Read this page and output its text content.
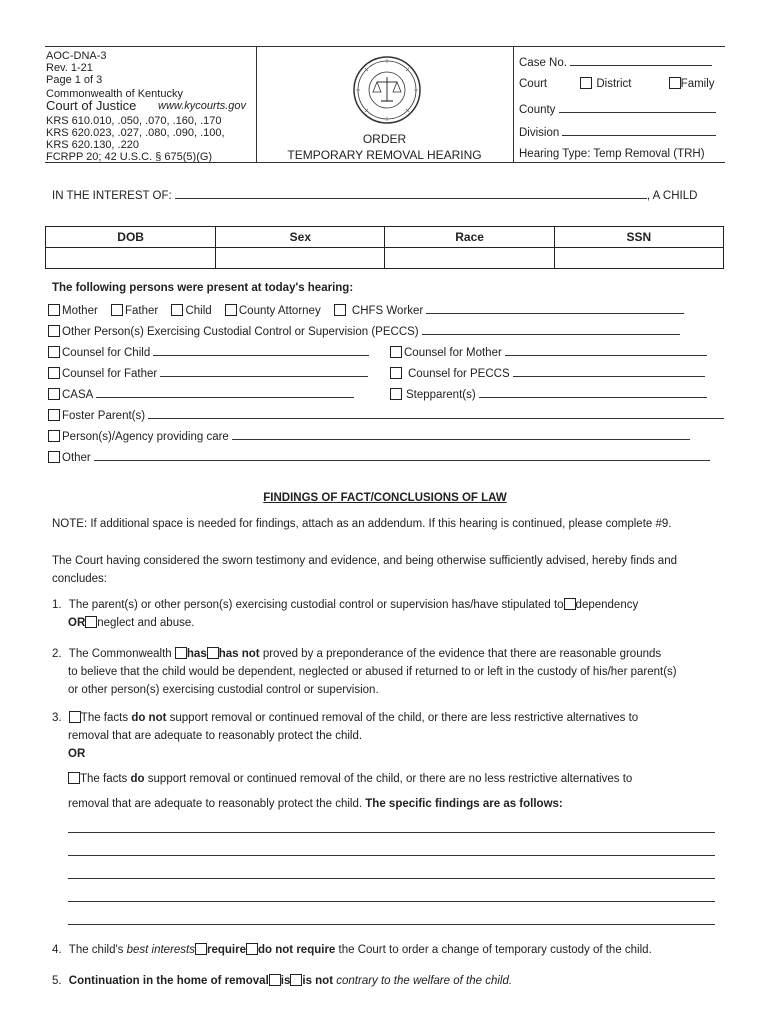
AOC-DNA-3
Rev. 1-21
Page 1 of 3
Commonwealth of Kentucky
Court of Justice www.kycourts.gov
KRS 610.010, .050, .070, .160, .170
KRS 620.023, .027, .080, .090, .100,
KRS 620.130, .220
FCRPP 20; 42 U.S.C. § 675(5)(G)
ORDER
TEMPORARY REMOVAL HEARING
Case No.
Court	District	Family
County
Division
Hearing Type: Temp Removal (TRH)
IN THE INTEREST OF:	, A CHILD
DOB	Sex	Race	SSN

The following persons were present at today's hearing:
Mother Father Child County Attorney	CHFS Worker
Other Person(s) Exercising Custodial Control or Supervision (PECCS)
Counsel for Child	Counsel for Mother
Counsel for Father	Counsel for PECCS
CASA	Stepparent(s)
Foster Parent(s)
Person(s)/Agency providing care
Other
FINDINGS OF FACT/CONCLUSIONS OF LAW
NOTE: If additional space is needed for findings, attach as an addendum. If this hearing is continued, please complete #9.
The Court having considered the sworn testimony and evidence, and being otherwise sufficiently advised, hereby finds and concludes:
1. The parent(s) or other person(s) exercising custodial control or supervision has/have stipulated to dependency
OR neglect and abuse.
2. The Commonwealth has has not proved by a preponderance of the evidence that there are reasonable grounds
to believe that the child would be dependent, neglected or abused if returned to or left in the custody of his/her parent(s)
or other person(s) exercising custodial control or supervision.
3. The facts do not support removal or continued removal of the child, or there are less restrictive alternatives to
removal that are adequate to reasonably protect the child.
OR
The facts do support removal or continued removal of the child, or there are no less restrictive alternatives to
removal that are adequate to reasonably protect the child. The specific findings are as follows:
4. The child's best interests require do not require the Court to order a change of temporary custody of the child.
5. Continuation in the home of removal is is not contrary to the welfare of the child.
